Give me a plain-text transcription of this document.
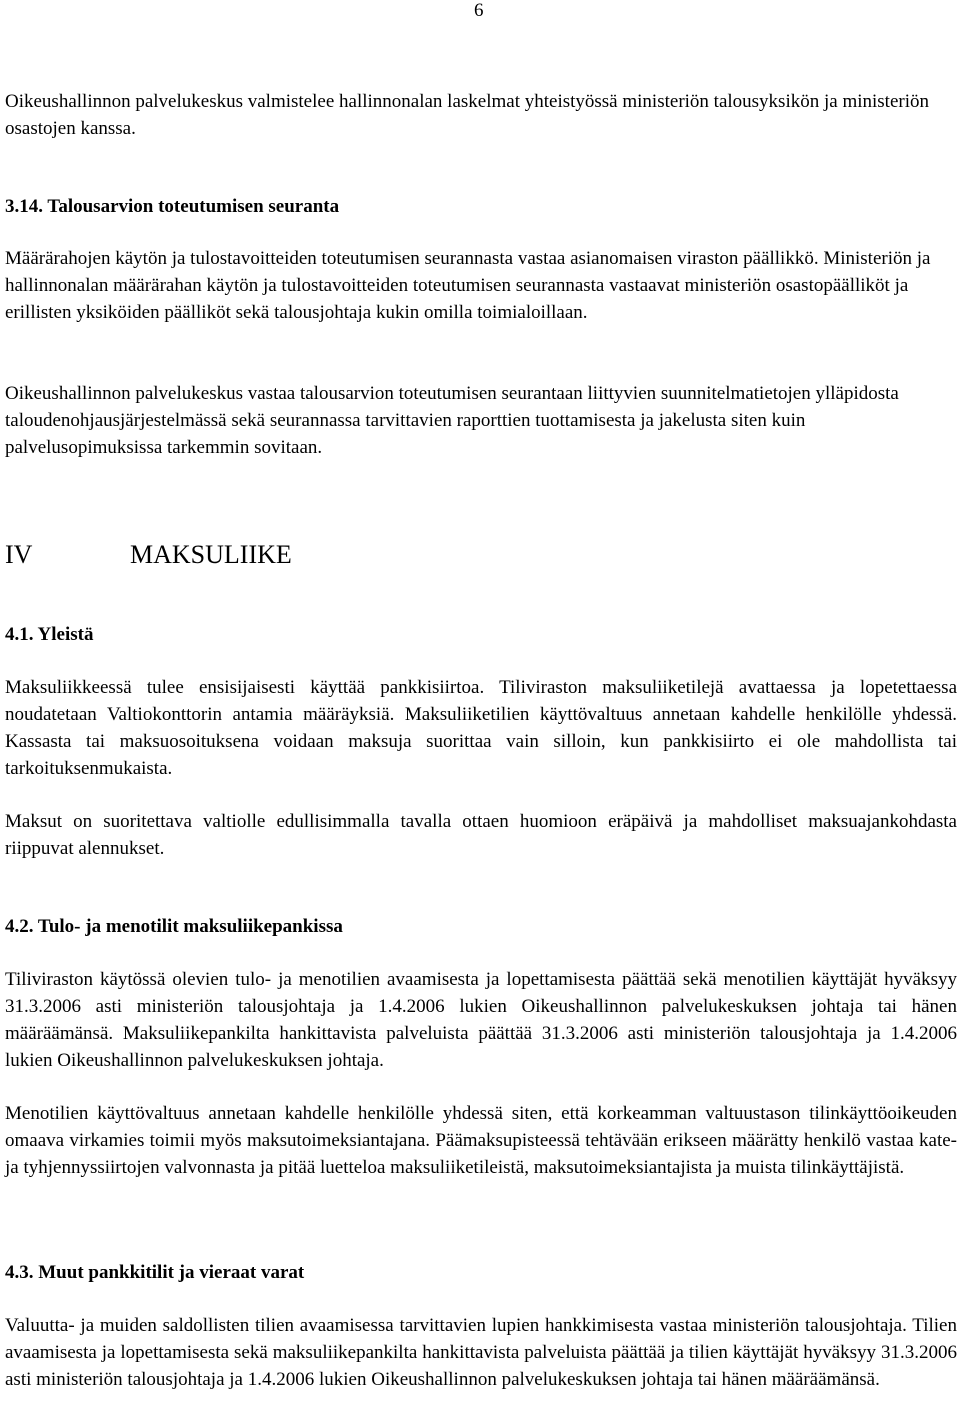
6

Oikeushallinnon palvelukeskus valmistelee hallinnonalan laskelmat yhteistyössä ministeriön talousyksikön ja ministeriön osastojen kanssa.

3.14. Talousarvion toteutumisen seuranta

Määrärahojen käytön ja tulostavoitteiden toteutumisen seurannasta vastaa asianomaisen viraston päällikkö. Ministeriön ja hallinnonalan määrärahan käytön ja tulostavoitteiden toteutumisen seurannasta vastaavat ministeriön osastopäälliköt ja erillisten yksiköiden päälliköt sekä talousjohtaja kukin omilla toimialoillaan.

Oikeushallinnon palvelukeskus vastaa talousarvion toteutumisen seurantaan liittyvien suunnitelmatietojen ylläpidosta taloudenohjausjärjestelmässä sekä seurannassa tarvittavien raporttien tuottamisesta ja jakelusta siten kuin palvelusopimuksissa tarkemmin sovitaan.

IV	MAKSULIIKE
4.1. Yleistä

Maksuliikkeessä tulee ensisijaisesti käyttää pankkisiirtoa. Tiliviraston maksuliiketilejä avattaessa ja lopetettaessa noudatetaan Valtiokonttorin antamia määräyksiä. Maksuliiketilien käyttövaltuus annetaan kahdelle henkilölle yhdessä. Kassasta tai maksuosoituksena voidaan maksuja suorittaa vain silloin, kun pankkisiirto ei ole mahdollista tai tarkoituksenmukaista.

Maksut on suoritettava valtiolle edullisimmalla tavalla ottaen huomioon eräpäivä ja mahdolliset maksuajankohdasta riippuvat alennukset.

4.2. Tulo- ja menotilit maksuliikepankissa

Tiliviraston käytössä olevien tulo- ja menotilien avaamisesta ja lopettamisesta päättää sekä menotilien käyttäjät hyväksyy 31.3.2006 asti ministeriön talousjohtaja ja 1.4.2006 lukien Oikeushallinnon palvelukeskuksen johtaja tai hänen määräämänsä. Maksuliikepankilta hankittavista palveluista päättää 31.3.2006 asti ministeriön talousjohtaja ja 1.4.2006 lukien Oikeushallinnon palvelukeskuksen johtaja.

Menotilien käyttövaltuus annetaan kahdelle henkilölle yhdessä siten, että korkeamman valtuustason tilinkäyttöoikeuden omaava virkamies toimii myös maksutoimeksiantajana. Päämaksupisteessä tehtävään erikseen määrätty henkilö vastaa kate- ja tyhjennyssiirtojen valvonnasta ja pitää luetteloa maksuliiketileistä, maksutoimeksiantajista ja muista tilinkäyttäjistä.

4.3. Muut pankkitilit ja vieraat varat

Valuutta- ja muiden saldollisten tilien avaamisessa tarvittavien lupien hankkimisesta vastaa ministeriön talousjohtaja. Tilien avaamisesta ja lopettamisesta sekä maksuliikepankilta hankittavista palveluista päättää ja tilien käyttäjät hyväksyy 31.3.2006 asti ministeriön talousjohtaja ja 1.4.2006 lukien Oikeushallinnon palvelukeskuksen johtaja tai hänen määräämänsä.
